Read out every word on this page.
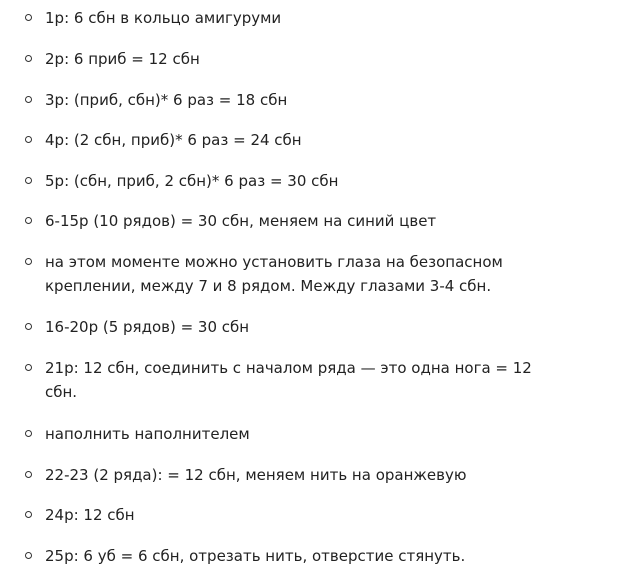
1р: 6 сбн в кольцо амигуруми
2р: 6 приб = 12 сбн
3р: (приб, сбн)* 6 раз = 18 сбн
4р: (2 сбн, приб)* 6 раз = 24 сбн
5р: (сбн, приб, 2 сбн)* 6 раз = 30 сбн
6-15р (10 рядов) = 30 сбн, меняем на синий цвет
на этом моменте можно установить глаза на безопасном креплении, между 7 и 8 рядом. Между глазами 3-4 сбн.
16-20р (5 рядов) = 30 сбн
21р: 12 сбн, соединить с началом ряда — это одна нога = 12 сбн.
наполнить наполнителем
22-23 (2 ряда): = 12 сбн, меняем нить на оранжевую
24р: 12 сбн
25р: 6 уб = 6 сбн, отрезать нить, отверстие стянуть.
